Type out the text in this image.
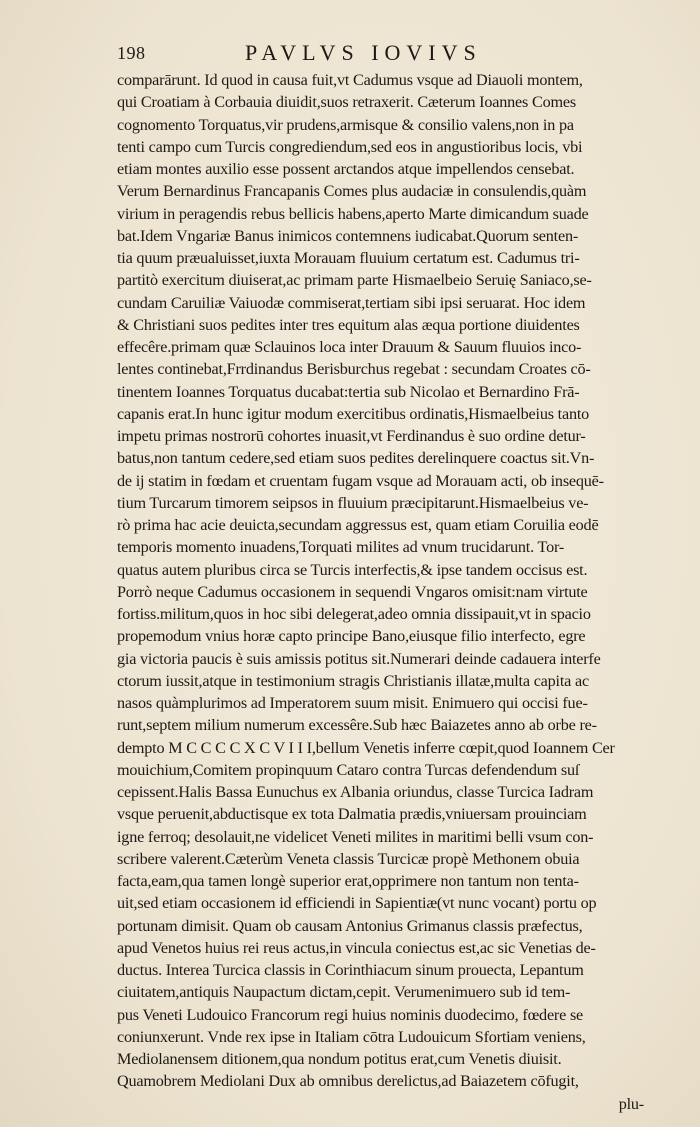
198	PAVLVS IOVIVS
comparārunt. Id quod in causa fuit,vt Cadumus vsque ad Diauoli montem,
qui Croatiam à Corbauia diuidit,suos retraxerit. Cæterum Ioannes Comes
cognomento Torquatus,vir prudens,armisque & consilio valens,non in pa
tenti campo cum Turcis congrediendum,sed eos in angustioribus locis, vbi
etiam montes auxilio esse possent arctandos atque impellendos censebat.
Verum Bernardinus Francapanis Comes plus audaciæ in consulendis,quàm
virium in peragendis rebus bellicis habens,aperto Marte dimicandum suade
bat.Idem Vngariæ Banus inimicos contemnens iudicabat.Quorum senten-
tia quum præualuisset,iuxta Morauam fluuium certatum est. Cadumus tri-
partitò exercitum diuiserat,ac primam parte Hismaelbeio Seruię Saniaco,se-
cundam Caruiliæ Vaiuodæ commiserat,tertiam sibi ipsi seruarat. Hoc idem
& Christiani suos pedites inter tres equitum alas æqua portione diuidentes
effecêre.primam quæ Sclauinos loca inter Drauum & Sauum fluuios inco-
lentes continebat,Frrdinandus Berisburchus regebat : secundam Croates cō-
tinentem Ioannes Torquatus ducabat:tertia sub Nicolao et Bernardino Frā-
capanis erat.In hunc igitur modum exercitibus ordinatis,Hismaelbeius tanto
impetu primas nostrorū cohortes inuasit,vt Ferdinandus è suo ordine detur-
batus,non tantum cedere,sed etiam suos pedites derelinquere coactus sit.Vn-
de ij statim in fœdam et cruentam fugam vsque ad Morauam acti, ob insequē-
tium Turcarum timorem seipsos in fluuium præcipitarunt.Hismaelbeius ve-
rò prima hac acie deuicta,secundam aggressus est, quam etiam Coruilia eodē
temporis momento inuadens,Torquati milites ad vnum trucidarunt. Tor-
quatus autem pluribus circa se Turcis interfectis,& ipse tandem occisus est.
Porrò neque Cadumus occasionem in sequendi Vngaros omisit:nam virtute
fortiss.militum,quos in hoc sibi delegerat,adeo omnia dissipauit,vt in spacio
propemodum vnius horæ capto principe Bano,eiusque filio interfecto, egre
gia victoria paucis è suis amissis potitus sit.Numerari deinde cadauera interfe
ctorum iussit,atque in testimonium stragis Christianis illatæ,multa capita ac
nasos quàmplurimos ad Imperatorem suum misit. Enimuero qui occisi fue-
runt,septem milium numerum excessêre.Sub hæc Baiazetes anno ab orbe re-
dempto M C C C C X C V I I I,bellum Venetis inferre cœpit,quod Ioannem Cer
mouichium,Comitem propinquum Cataro contra Turcas defendendum suſ
cepissent.Halis Bassa Eunuchus ex Albania oriundus, classe Turcica Iadram
vsque peruenit,abductisque ex tota Dalmatia prædis,vniuersam prouinciam
igne ferroq; desolauit,ne videlicet Veneti milites in maritimi belli vsum con-
scribere valerent.Cæterùm Veneta classis Turcicæ propè Methonem obuia
facta,eam,qua tamen longè superior erat,opprimere non tantum non tenta-
uit,sed etiam occasionem id efficiendi in Sapientiæ(vt nunc vocant) portu op
portunam dimisit. Quam ob causam Antonius Grimanus classis præfectus,
apud Venetos huius rei reus actus,in vincula coniectus est,ac sic Venetias de-
ductus. Interea Turcica classis in Corinthiacum sinum prouecta, Lepantum
ciuitatem,antiquis Naupactum dictam,cepit. Verumenimuero sub id tem-
pus Veneti Ludouico Francorum regi huius nominis duodecimo, fœdere se
coniunxerunt. Vnde rex ipse in Italiam cōtra Ludouicum Sfortiam veniens,
Mediolanensem ditionem,qua nondum potitus erat,cum Venetis diuisit.
Quamobrem Mediolani Dux ab omnibus derelictus,ad Baiazetem cōfugit,
plu-
